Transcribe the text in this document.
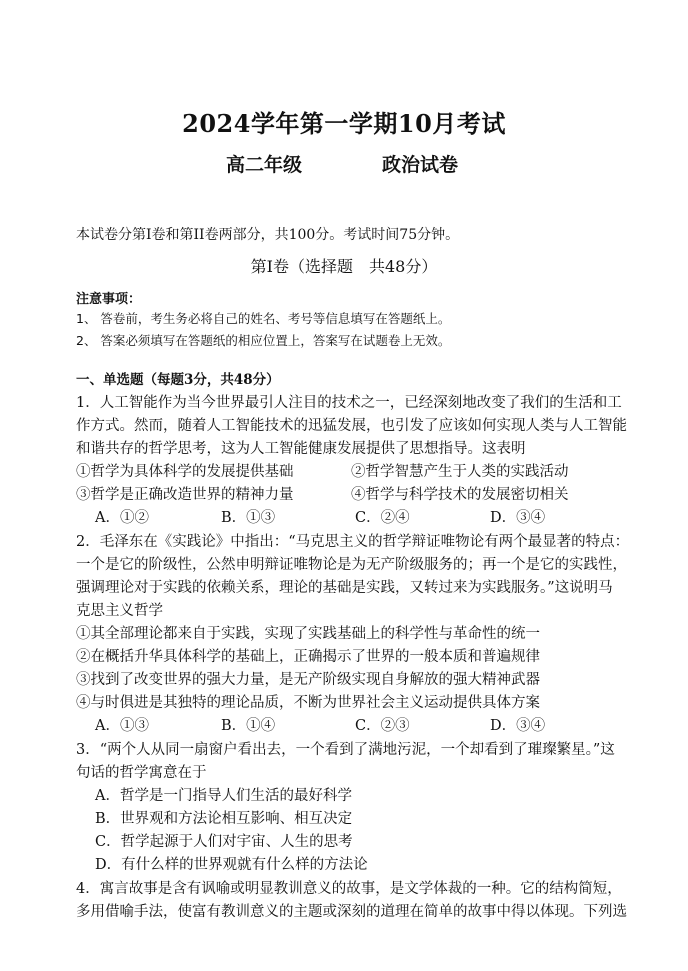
2024学年第一学期10月考试
高二年级	政治试卷
本试卷分第I卷和第II卷两部分，共100分。考试时间75分钟。
第I卷（选择题　共48分）
注意事项：
1、 答卷前，考生务必将自己的姓名、考号等信息填写在答题纸上。
2、 答案必须填写在答题纸的相应位置上，答案写在试题卷上无效。
一、单选题（每题3分，共48分）
1．人工智能作为当今世界最引人注目的技术之一，已经深刻地改变了我们的生活和工
作方式。然而，随着人工智能技术的迅猛发展，也引发了应该如何实现人类与人工智能
和谐共存的哲学思考，这为人工智能健康发展提供了思想指导。这表明
①哲学为具体科学的发展提供基础	②哲学智慧产生于人类的实践活动
③哲学是正确改造世界的精神力量	④哲学与科学技术的发展密切相关
A．①②	B．①③	C．②④	D．③④
2．毛泽东在《实践论》中指出：“马克思主义的哲学辩证唯物论有两个最显著的特点：
一个是它的阶级性，公然申明辩证唯物论是为无产阶级服务的；再一个是它的实践性，
强调理论对于实践的依赖关系，理论的基础是实践，又转过来为实践服务。”这说明马
克思主义哲学
①其全部理论都来自于实践，实现了实践基础上的科学性与革命性的统一
②在概括升华具体科学的基础上，正确揭示了世界的一般本质和普遍规律
③找到了改变世界的强大力量，是无产阶级实现自身解放的强大精神武器
④与时俱进是其独特的理论品质，不断为世界社会主义运动提供具体方案
A．①③	B．①④	C．②③	D．③④
3．“两个人从同一扇窗户看出去，一个看到了满地污泥，一个却看到了璀璨繁星。”这
句话的哲学寓意在于
A．哲学是一门指导人们生活的最好科学
B．世界观和方法论相互影响、相互决定
C．哲学起源于人们对宇宙、人生的思考
D．有什么样的世界观就有什么样的方法论
4．寓言故事是含有讽喻或明显教训意义的故事，是文学体裁的一种。它的结构简短，
多用借喻手法，使富有教训意义的主题或深刻的道理在简单的故事中得以体现。下列选
